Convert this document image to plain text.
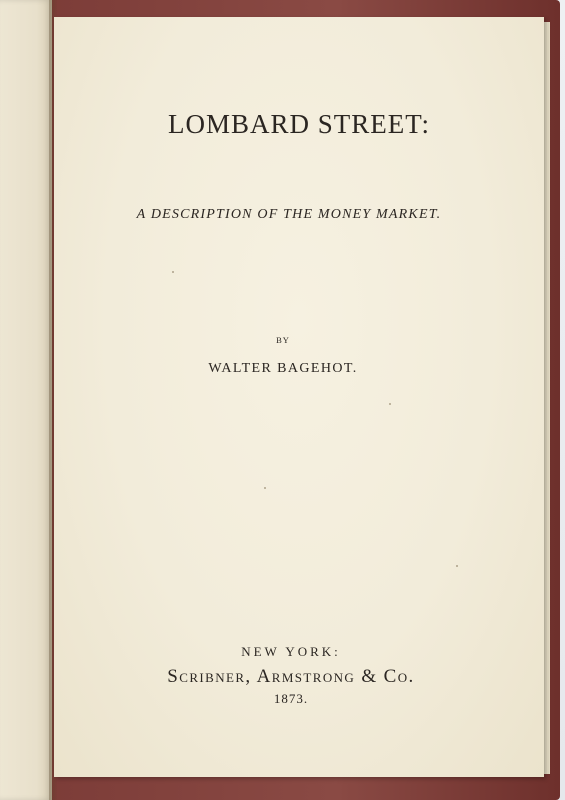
LOMBARD STREET:
A DESCRIPTION OF THE MONEY MARKET.
BY
WALTER BAGEHOT.
NEW YORK:
Scribner, Armstrong & Co.
1873.
